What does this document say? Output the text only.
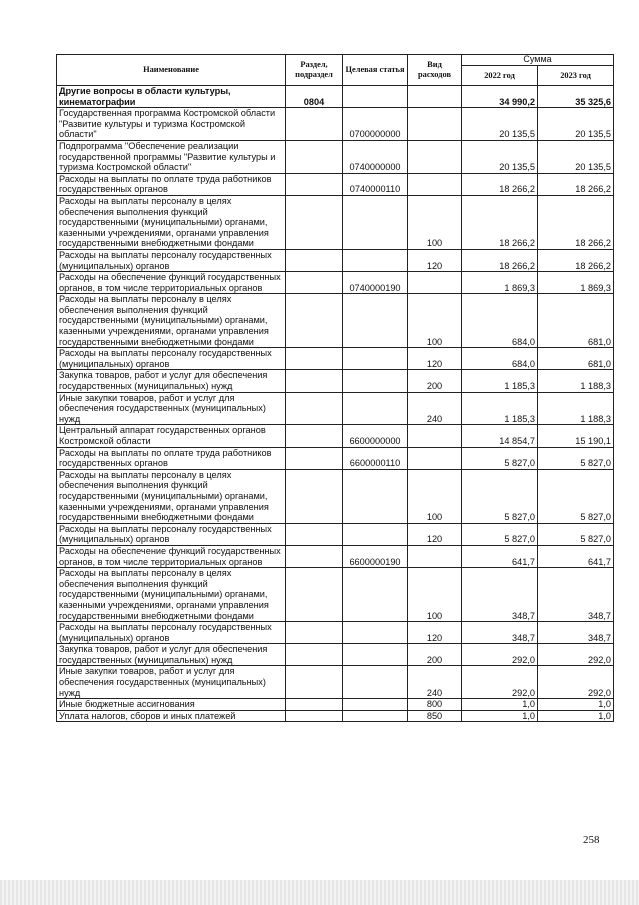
Наименование	Раздел, подраздел	Целевая статья	Вид расходов	Сумма	
				2022 год	2023 год
Другие вопросы в области культуры, кинематографии	0804			34 990,2	35 325,6
Государственная программа Костромской области "Развитие культуры и туризма Костромской области"		0700000000		20 135,5	20 135,5
Подпрограмма "Обеспечение реализации государственной программы "Развитие культуры и туризма Костромской области"		0740000000		20 135,5	20 135,5
Расходы на выплаты по оплате труда работников государственных органов		0740000110		18 266,2	18 266,2
Расходы на выплаты персоналу в целях обеспечения выполнения функций государственными (муниципальными) органами, казенными учреждениями, органами управления государственными внебюджетными фондами			100	18 266,2	18 266,2
Расходы на выплаты персоналу государственных (муниципальных) органов			120	18 266,2	18 266,2
Расходы на обеспечение функций государственных органов, в том числе территориальных органов		0740000190		1 869,3	1 869,3
Расходы на выплаты персоналу в целях обеспечения выполнения функций государственными (муниципальными) органами, казенными учреждениями, органами управления государственными внебюджетными фондами			100	684,0	681,0
Расходы на выплаты персоналу государственных (муниципальных) органов			120	684,0	681,0
Закупка товаров, работ и услуг для обеспечения государственных (муниципальных) нужд			200	1 185,3	1 188,3
Иные закупки товаров, работ и услуг для обеспечения государственных (муниципальных) нужд			240	1 185,3	1 188,3
Центральный аппарат государственных органов Костромской области		6600000000		14 854,7	15 190,1
Расходы на выплаты по оплате труда работников государственных органов		6600000110		5 827,0	5 827,0
Расходы на выплаты персоналу в целях обеспечения выполнения функций государственными (муниципальными) органами, казенными учреждениями, органами управления государственными внебюджетными фондами			100	5 827,0	5 827,0
Расходы на выплаты персоналу государственных (муниципальных) органов			120	5 827,0	5 827,0
Расходы на обеспечение функций государственных органов, в том числе территориальных органов		6600000190		641,7	641,7
Расходы на выплаты персоналу в целях обеспечения выполнения функций государственными (муниципальными) органами, казенными учреждениями, органами управления государственными внебюджетными фондами			100	348,7	348,7
Расходы на выплаты персоналу государственных (муниципальных) органов			120	348,7	348,7
Закупка товаров, работ и услуг для обеспечения государственных (муниципальных) нужд			200	292,0	292,0
Иные закупки товаров, работ и услуг для обеспечения государственных (муниципальных) нужд			240	292,0	292,0
Иные бюджетные ассигнования			800	1,0	1,0
Уплата налогов, сборов и иных платежей			850	1,0	1,0
258
